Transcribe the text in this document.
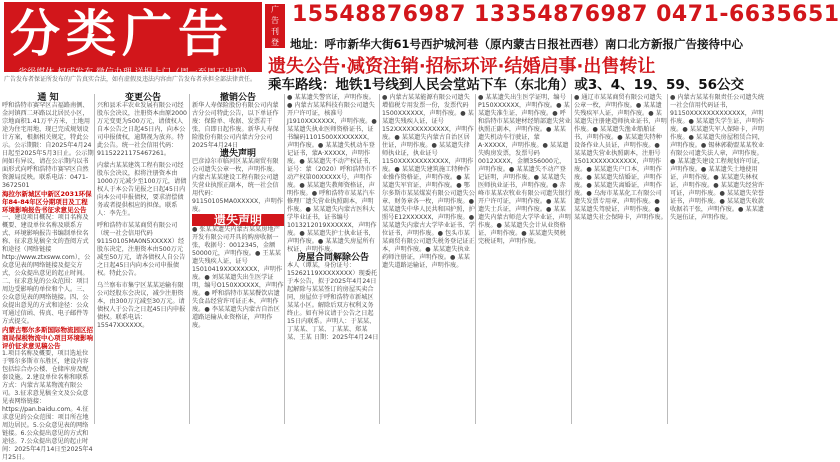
分类广告
省级媒体 权威发布 微信办理 送报上门（周一至周五出刊）
广
告
刊
登
15548876987 13354876987 0471-6635651
地址：呼市新华大街61号西护城河巷（原内蒙古日报社西巷）南口北方新报广告接待中心
遗失公告·减资注销·招标环评·结婚启事·出售转让
乘车路线：地铁1号线到人民会堂站下车（东北角）或3、4、19、59、56公交
广告发布者保证所发布的广告真实合法，如有虚假及违法内容由广告发布者承担全部法律责任。

通 知

呼和浩特市赛罕区吉福路南侧、金河镇西二环路以北居民小区，宗地面积1.41万平方米，土地用途为住宅用地，现已完成规划设计方案，根据相关规定，特此公示。公示期限：自2025年4月24日起至2025年5月3日止。公示期间如有异议，请在公示期内以书面形式向呼和浩特市赛罕区自然资源局反映。联系电话：0471-3672501

海拉尔新城区中新区2031环保年84-84年区分期项目及工程环境影响报告书征求意见公告

一、建设项目概况：项目名称及概要、建设单位名称及联系方式、环境影响报告书编制单位名称、征求意见稿全文的查阅方式和途径（网络链接 http://www.ztxsww.com），公众意见表的网络链接及提交方式，公众提出意见的起止时间。二、征求意见的公众范围：项目周边受影响的单位和个人。三、公众意见表的网络链接。四、公众提出意见的方式和途径：公众可通过信函、传真、电子邮件等方式提交。

内蒙古鄂尔多斯国际物流园区招商局保税物流中心项目环境影响评价征求意见稿公告

1.项目名称及概要，项目选址位于鄂尔多斯市东胜区，建设内容包括综合办公楼、仓储库房及配套设施。2.建设单位名称和联系方式：内蒙古某某物流有限公司。3.征求意见稿全文及公众意见表网络链接：https://pan.baidu.com。4.征求意见的公众范围：项目所在地周边居民。5.公众意见表的网络链接。6.公众提出意见的方式和途径。7.公众提出意见的起止时间：2025年4月14日至2025年4月25日。

变更公告

兴和县禾丰农业发展有限公司经股东会决议，注册资本由原2000万元变更为500万元，请债权人自本公告之日起45日内，向本公司申报债权，逾期视为放弃。特此公告。统一社会信用代码：91152221175467261。

内蒙古某某建筑工程有限公司经股东会决议，拟将注册资本由1000万元减少至100万元，请债权人于本公告见报之日起45日内向本公司申报债权，要求清偿债务或者提供相应的担保。联系人：李先生。

呼和浩特市某某商贸有限公司（统一社会信用代码91150105MA0N5XXXXX）经股东决定，注册资本由500万元减至50万元，请各债权人自公告之日起45日内向本公司申报债权。特此公告。

乌兰察布市集宁区某某运输有限公司经股东会决议，减少注册资本，由300万元减至30万元。请债权人于公告之日起45日内申报债权。联系电话：15547XXXXXX。

撤销公告

新华人寿保险股份有限公司内蒙古分公司特此公告，以下单证作废：保险单、收据、发票若干张，自即日起作废。新华人寿保险股份有限公司内蒙古分公司 2025年4月24日

遗失声明

巴彦淖尔市临河区某某商贸有限公司遗失公章一枚，声明作废。内蒙古某某建设工程有限公司遗失营业执照正副本，统一社会信用代码：91150105MA0XXXXX，声明作废。

遗失声明

● 张某某遗失内蒙古某某房地产开发有限公司开具的购房收据一张，收据号：0012345，金额50000元，声明作废。● 王某某遗失残疾人证，证号15010419XXXXXXXX，声明作废。● 刘某某遗失出生医学证明，编号O150XXXXXX，声明作废。● 呼和浩特市某某餐饮店遗失食品经营许可证正本，声明作废。● 李某某遗失内蒙古自治区道路运输从业资格证，声明作废。

● 某某遗失警官证，声明作废。● 内蒙古某某科技有限公司遗失开户许可证，核准号J1910XXXXXXX，声明作废。● 某某遗失执业医师资格证书，证书编码1101500XXXXXXXX，声明作废。● 某某遗失机动车登记证书，蒙A·XXXXX，声明作废。● 某某遗失不动产权证书，证号：蒙（2020）呼和浩特市不动产权第00XXXXX号，声明作废。● 某某遗失教师资格证，声明作废。● 呼和浩特市某某汽车修理厂遗失营业执照副本，声明作废。● 某某遗失内蒙古医科大学毕业证书，证书编号1013212019XXXXXX，声明作废。● 某某遗失护士执业证书，声明作废。● 某某遗失房屋所有权证，声明作废。

房屋合同解除公告

本人（谭某，身份证号：15262119XXXXXXXX）现委托于本公告，拟于2025年4月24日起解除与某某签订的房屋买卖合同，房屋位于呼和浩特市新城区某某小区。解除后双方权利义务终止。如有异议请于公告之日起15日内联系。声明人：于某某、丁某某、丁某、丁某某、郑某某、王某 日期：2025年4月24日

● 内蒙古某某能源有限公司遗失增值税专用发票一份，发票代码1500XXXXXX，声明作废。● 某某遗失残疾人证，证号152XXXXXXXXXXXXX，声明作废。● 某某遗失内蒙古自治区居住证，声明作废。● 某某遗失律师执业证，执业证号1150XXXXXXXXXXXX，声明作废。● 某某遗失建筑施工特种作业操作资格证，声明作废。● 某某遗失军官证，声明作废。● 鄂尔多斯市某某煤炭有限公司遗失公章、财务章各一枚，声明作废。● 某某遗失中华人民共和国护照，护照号E12XXXXXX，声明作废。● 某某遗失内蒙古大学毕业证书、学位证书，声明作废。● 包头市某某商贸有限公司遗失税务登记证正本，声明作废。● 某某遗失执业药师注册证，声明作废。● 某某遗失道路运输证，声明作废。

● 某某遗失出生医学证明，编号P150XXXXXX，声明作废。● 某某遗失准生证，声明作废。● 呼和浩特市某某建材经销部遗失营业执照正副本，声明作废。● 某某遗失机动车行驶证，蒙A·XXXXX，声明作废。● 某某遗失购房发票，发票号码0012XXXX，金额356000元，声明作废。● 某某遗失不动产登记证明，声明作废。● 某某遗失医师执业证书，声明作废。● 赤峰市某某农牧业有限公司遗失银行开户许可证，声明作废。● 某某遗失士兵证，声明作废。● 某某遗失内蒙古师范大学毕业证，声明作废。● 某某遗失会计从业资格证，声明作废。● 某某遗失契税完税证明，声明作废。

● 通辽市某某商贸有限公司遗失公章一枚，声明作废。● 某某遗失残疾军人证，声明作废。● 某某遗失注册建造师执业证书，声明作废。● 某某遗失渔业船舶证书，声明作废。● 某某遗失特种设备作业人员证，声明作废。● 某某遗失营业执照副本，注册号1501XXXXXXXXXXX，声明作废。● 某某遗失户口本，声明作废。● 某某遗失结婚证，声明作废。● 某某遗失离婚证，声明作废。● 乌海市某某化工有限公司遗失发票专用章，声明作废。● 某某遗失驾驶证，声明作废。● 某某遗失社会保障卡，声明作废。

● 内蒙古某某有限责任公司遗失统一社会信用代码证书，91150XXXXXXXXXXXXX，声明作废。● 某某遗失学生证，声明作废。● 某某遗失军人保障卡，声明作废。● 某某遗失房屋租赁合同，声明作废。● 锡林郭勒盟某某牧业有限公司遗失法人章，声明作废。● 某某遗失建设工程规划许可证，声明作废。● 某某遗失土地使用证，声明作废。● 某某遗失林权证，声明作废。● 某某遗失经营许可证，声明作废。● 某某遗失荣誉证书，声明作废。● 某某遗失收款收据若干张，声明作废。● 某某遗失退伍证，声明作废。
